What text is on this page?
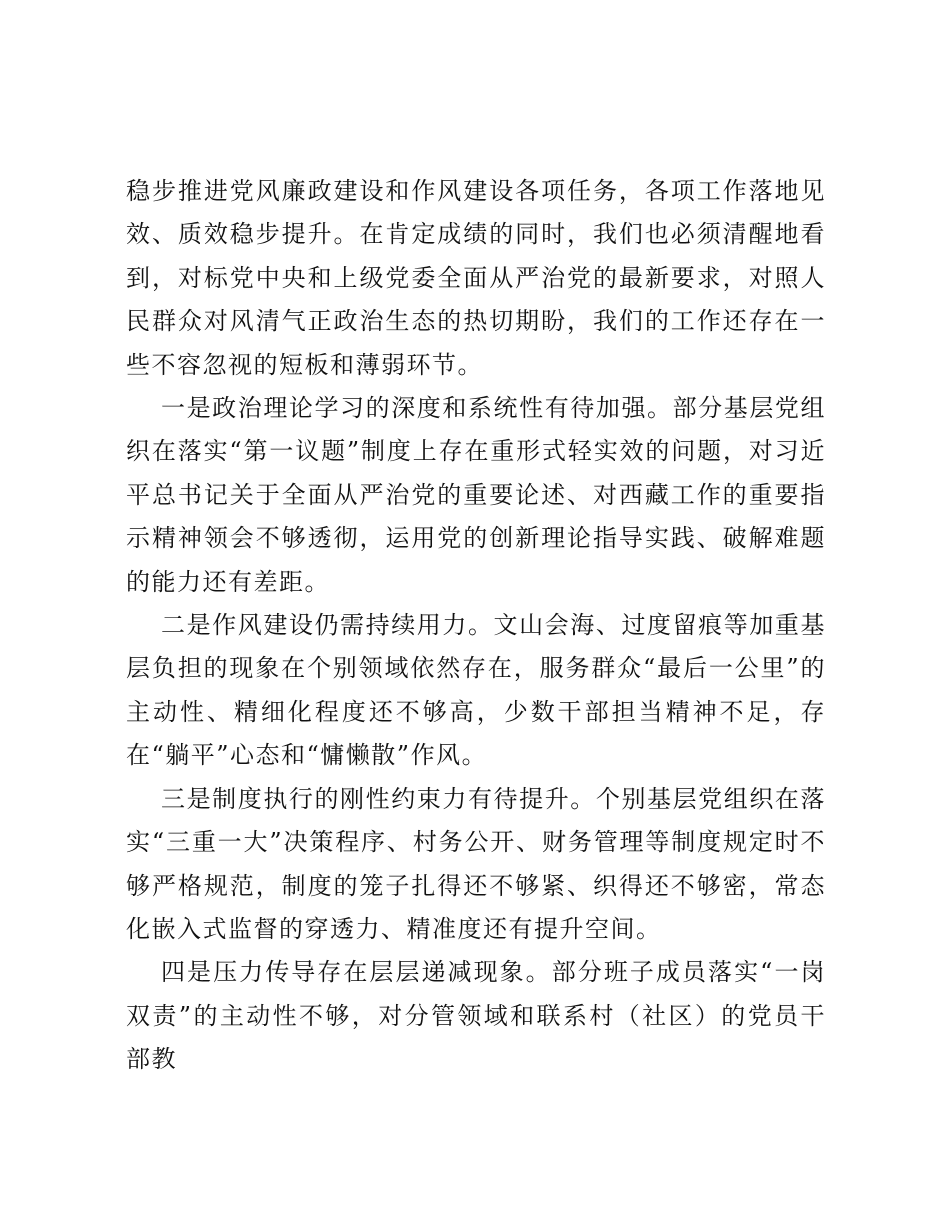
稳步推进党风廉政建设和作风建设各项任务，各项工作落地见效、质效稳步提升。在肯定成绩的同时，我们也必须清醒地看到，对标党中央和上级党委全面从严治党的最新要求，对照人民群众对风清气正政治生态的热切期盼，我们的工作还存在一些不容忽视的短板和薄弱环节。

一是政治理论学习的深度和系统性有待加强。部分基层党组织在落实“第一议题”制度上存在重形式轻实效的问题，对习近平总书记关于全面从严治党的重要论述、对西藏工作的重要指示精神领会不够透彻，运用党的创新理论指导实践、破解难题的能力还有差距。

二是作风建设仍需持续用力。文山会海、过度留痕等加重基层负担的现象在个别领域依然存在，服务群众“最后一公里”的主动性、精细化程度还不够高，少数干部担当精神不足，存在“躺平”心态和“慵懒散”作风。

三是制度执行的刚性约束力有待提升。个别基层党组织在落实“三重一大”决策程序、村务公开、财务管理等制度规定时不够严格规范，制度的笼子扎得还不够紧、织得还不够密，常态化嵌入式监督的穿透力、精准度还有提升空间。

四是压力传导存在层层递减现象。部分班子成员落实“一岗双责”的主动性不够，对分管领域和联系村（社区）的党员干部教
